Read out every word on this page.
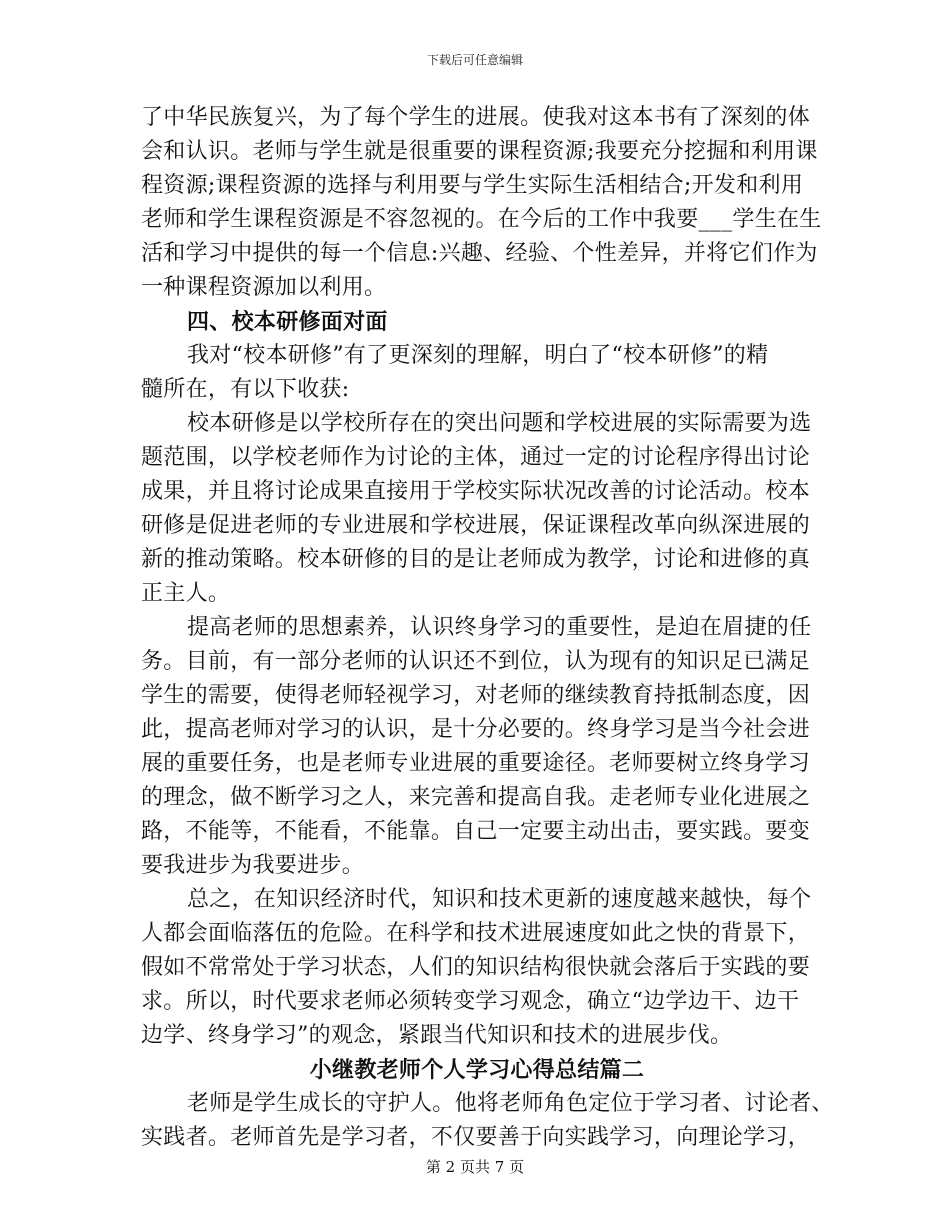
下载后可任意编辑
了中华民族复兴，为了每个学生的进展。使我对这本书有了深刻的体
会和认识。老师与学生就是很重要的课程资源;我要充分挖掘和利用课
程资源;课程资源的选择与利用要与学生实际生活相结合;开发和利用
老师和学生课程资源是不容忽视的。在今后的工作中我要___学生在生
活和学习中提供的每一个信息:兴趣、经验、个性差异，并将它们作为
一种课程资源加以利用。
四、校本研修面对面
我对“校本研修”有了更深刻的理解，明白了“校本研修”的精
髓所在，有以下收获:
校本研修是以学校所存在的突出问题和学校进展的实际需要为选
题范围，以学校老师作为讨论的主体，通过一定的讨论程序得出讨论
成果，并且将讨论成果直接用于学校实际状况改善的讨论活动。校本
研修是促进老师的专业进展和学校进展，保证课程改革向纵深进展的
新的推动策略。校本研修的目的是让老师成为教学，讨论和进修的真
正主人。
提高老师的思想素养，认识终身学习的重要性，是迫在眉捷的任
务。目前，有一部分老师的认识还不到位，认为现有的知识足已满足
学生的需要，使得老师轻视学习，对老师的继续教育持抵制态度，因
此，提高老师对学习的认识，是十分必要的。终身学习是当今社会进
展的重要任务，也是老师专业进展的重要途径。老师要树立终身学习
的理念，做不断学习之人，来完善和提高自我。走老师专业化进展之
路，不能等，不能看，不能靠。自己一定要主动出击，要实践。要变
要我进步为我要进步。
总之，在知识经济时代，知识和技术更新的速度越来越快，每个
人都会面临落伍的危险。在科学和技术进展速度如此之快的背景下，
假如不常常处于学习状态，人们的知识结构很快就会落后于实践的要
求。所以，时代要求老师必须转变学习观念，确立“边学边干、边干
边学、终身学习”的观念，紧跟当代知识和技术的进展步伐。
小继教老师个人学习心得总结篇二
老师是学生成长的守护人。他将老师角色定位于学习者、讨论者、
实践者。老师首先是学习者，不仅要善于向实践学习，向理论学习，
第 2 页共 7 页
